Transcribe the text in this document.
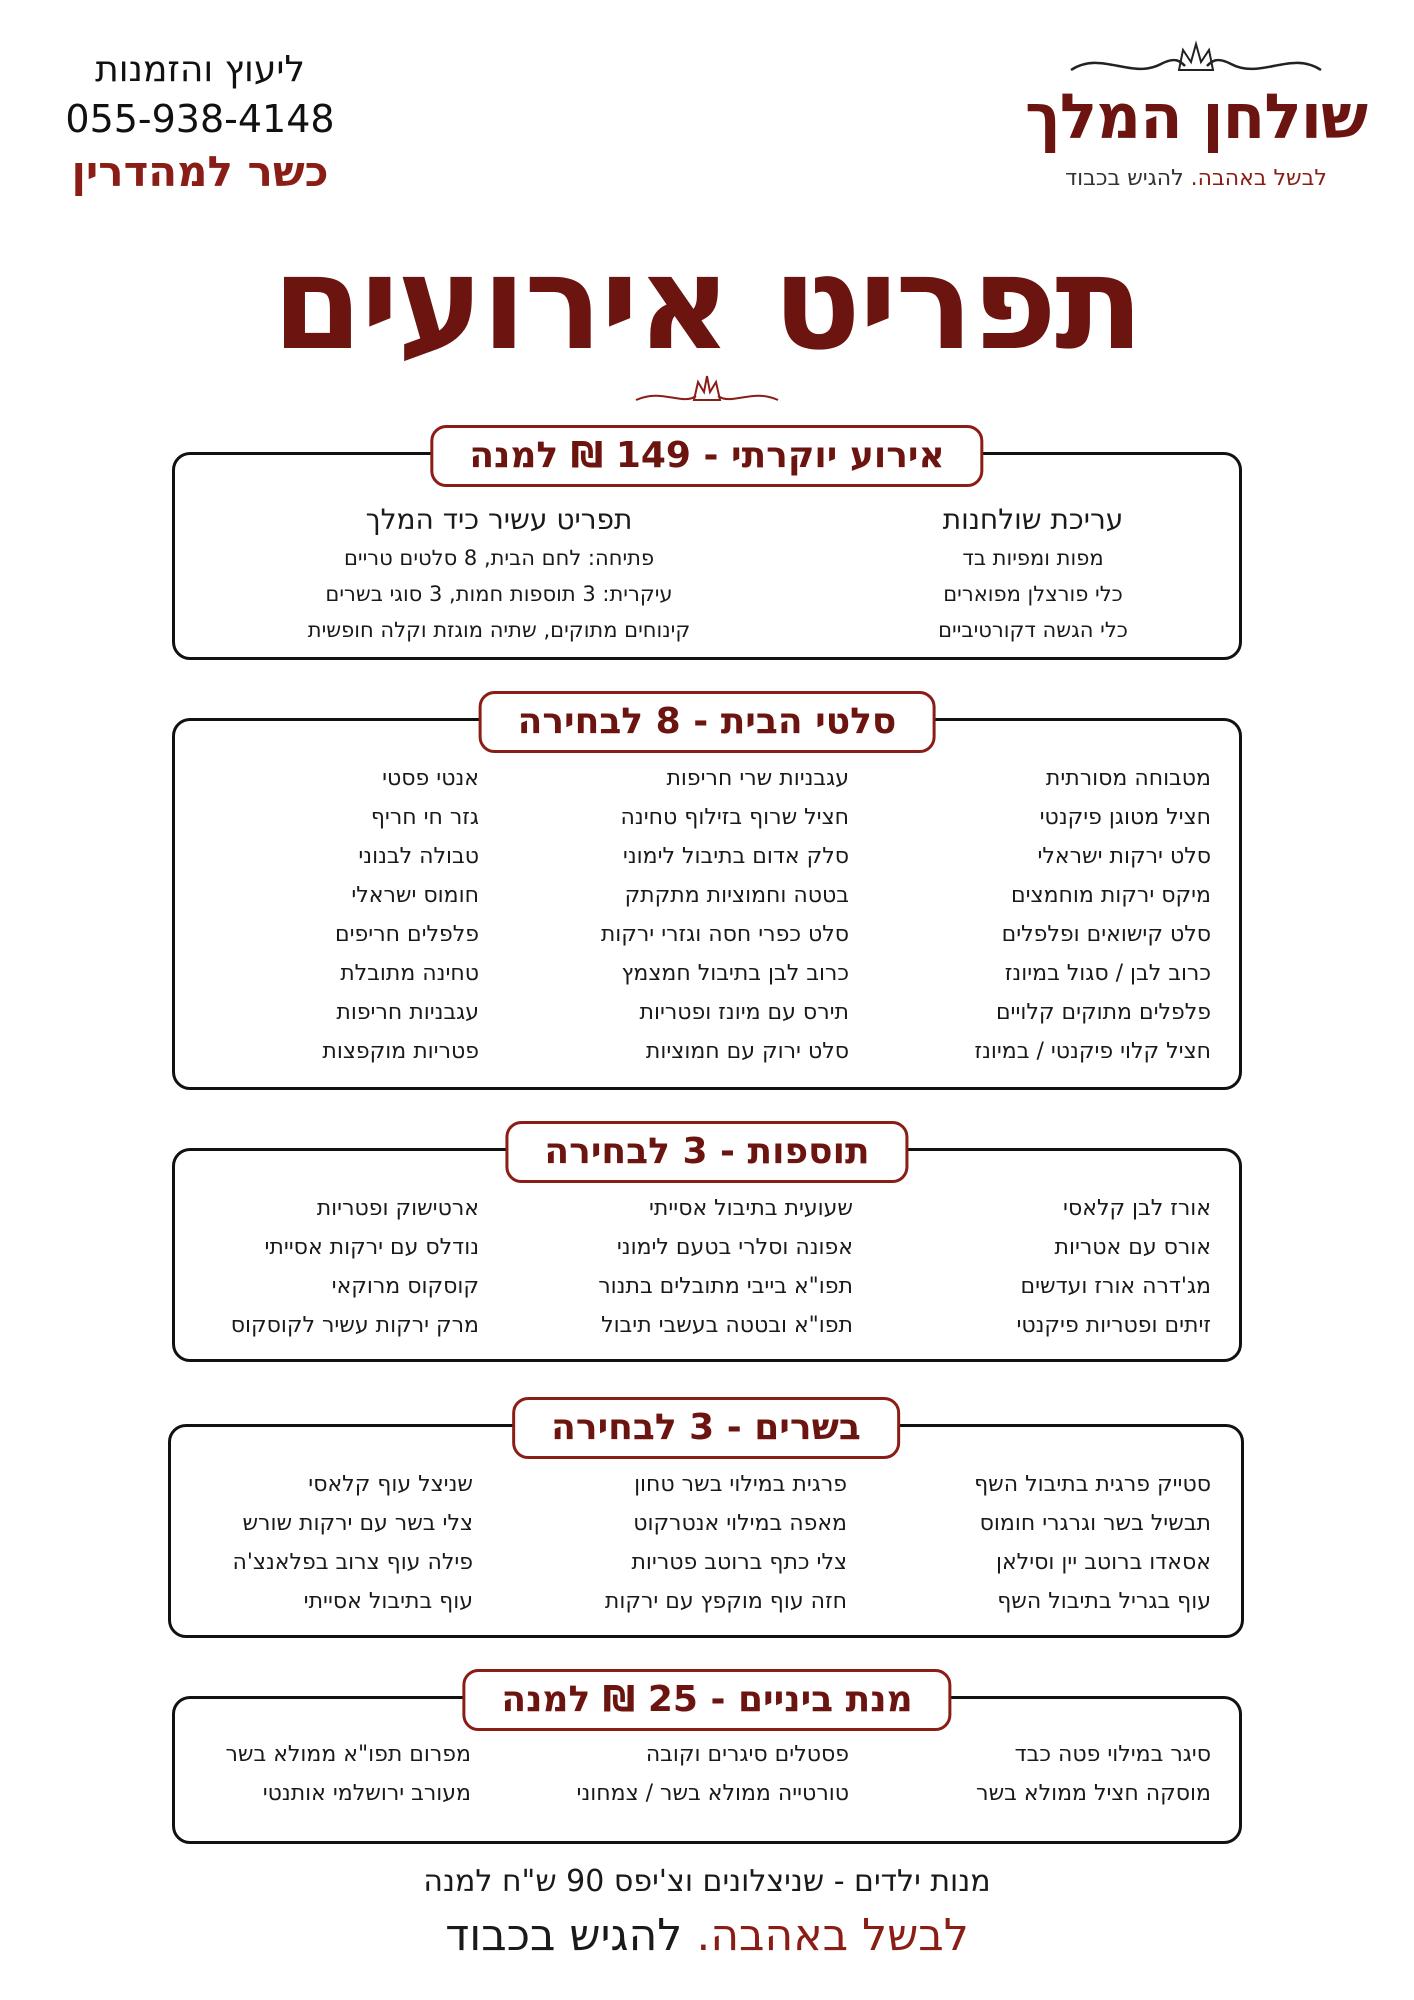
שולחן המלך
לבשל באהבה. להגיש בכבוד
ליעוץ והזמנות
055-938-4148
כשר למהדרין
תפריט אירועים
אירוע יוקרתי - 149 ₪ למנה
עריכת שולחנות
מפות ומפיות בד
כלי פורצלן מפוארים
כלי הגשה דקורטיביים
תפריט עשיר כיד המלך
פתיחה: לחם הבית, 8 סלטים טריים
עיקרית: 3 תוספות חמות, 3 סוגי בשרים
קינוחים מתוקים, שתיה מוגזת וקלה חופשית
סלטי הבית - 8 לבחירה
מטבוחה מסורתית
חציל מטוגן פיקנטי
סלט ירקות ישראלי
מיקס ירקות מוחמצים
סלט קישואים ופלפלים
כרוב לבן / סגול במיונז
פלפלים מתוקים קלויים
חציל קלוי פיקנטי / במיונז
עגבניות שרי חריפות
חציל שרוף בזילוף טחינה
סלק אדום בתיבול לימוני
בטטה וחמוציות מתקתק
סלט כפרי חסה וגזרי ירקות
כרוב לבן בתיבול חמצמץ
תירס עם מיונז ופטריות
סלט ירוק עם חמוציות
אנטי פסטי
גזר חי חריף
טבולה לבנוני
חומוס ישראלי
פלפלים חריפים
טחינה מתובלת
עגבניות חריפות
פטריות מוקפצות
תוספות - 3 לבחירה
אורז לבן קלאסי
אורס עם אטריות
מג'דרה אורז ועדשים
זיתים ופטריות פיקנטי
שעועית בתיבול אסייתי
אפונה וסלרי בטעם לימוני
תפו"א בייבי מתובלים בתנור
תפו"א ובטטה בעשבי תיבול
ארטישוק ופטריות
נודלס עם ירקות אסייתי
קוסקוס מרוקאי
מרק ירקות עשיר לקוסקוס
בשרים - 3 לבחירה
סטייק פרגית בתיבול השף
תבשיל בשר וגרגרי חומוס
אסאדו ברוטב יין וסילאן
עוף בגריל בתיבול השף
פרגית במילוי בשר טחון
מאפה במילוי אנטרקוט
צלי כתף ברוטב פטריות
חזה עוף מוקפץ עם ירקות
שניצל עוף קלאסי
צלי בשר עם ירקות שורש
פילה עוף צרוב בפלאנצ'ה
עוף בתיבול אסייתי
מנת ביניים - 25 ₪ למנה
סיגר במילוי פטה כבד
מוסקה חציל ממולא בשר
פסטלים סיגרים וקובה
טורטייה ממולא בשר / צמחוני
מפרום תפו"א ממולא בשר
מעורב ירושלמי אותנטי
מנות ילדים - שניצלונים וצ'יפס 90 ש"ח למנה
לבשל באהבה. להגיש בכבוד
